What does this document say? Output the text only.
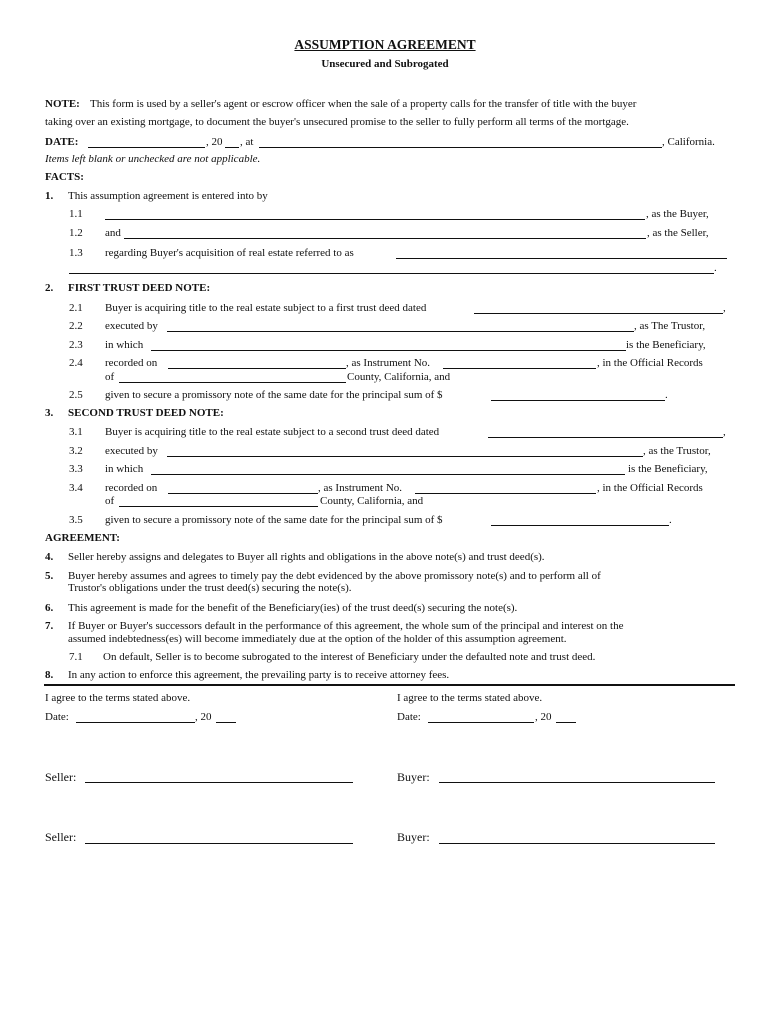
ASSUMPTION AGREEMENT
Unsecured and Subrogated
NOTE: This form is used by a seller's agent or escrow officer when the sale of a property calls for the transfer of title with the buyer
taking over an existing mortgage, to document the buyer's unsecured promise to the seller to fully perform all terms of the mortgage.
DATE:	, 20 , at	, California.
Items left blank or unchecked are not applicable.
FACTS:
1. This assumption agreement is entered into by
1.1	, as the Buyer,
1.2 and	, as the Seller,
1.3 regarding Buyer's acquisition of real estate referred to as
.
2. FIRST TRUST DEED NOTE:
2.1 Buyer is acquiring title to the real estate subject to a first trust deed dated	,
2.2 executed by	, as The Trustor,
2.3 in which	is the Beneficiary,
2.4 recorded on	, as Instrument No.	, in the Official Records
of	County, California, and
2.5 given to secure a promissory note of the same date for the principal sum of $	.
3. SECOND TRUST DEED NOTE:
3.1 Buyer is acquiring title to the real estate subject to a second trust deed dated	,
3.2 executed by	, as the Trustor,
3.3 in which	is the Beneficiary,
3.4 recorded on	, as Instrument No.	, in the Official Records
of	County, California, and
3.5 given to secure a promissory note of the same date for the principal sum of $	.
AGREEMENT:
4. Seller hereby assigns and delegates to Buyer all rights and obligations in the above note(s) and trust deed(s).
5. Buyer hereby assumes and agrees to timely pay the debt evidenced by the above promissory note(s) and to perform all of
Trustor's obligations under the trust deed(s) securing the note(s).
6. This agreement is made for the benefit of the Beneficiary(ies) of the trust deed(s) securing the note(s).
7. If Buyer or Buyer's successors default in the performance of this agreement, the whole sum of the principal and interest on the
assumed indebtedness(es) will become immediately due at the option of the holder of this assumption agreement.
7.1 On default, Seller is to become subrogated to the interest of Beneficiary under the defaulted note and trust deed.
8. In any action to enforce this agreement, the prevailing party is to receive attorney fees.
I agree to the terms stated above.	I agree to the terms stated above.
Date:	, 20	Date:	, 20
Seller:	Buyer:
Seller:	Buyer:
